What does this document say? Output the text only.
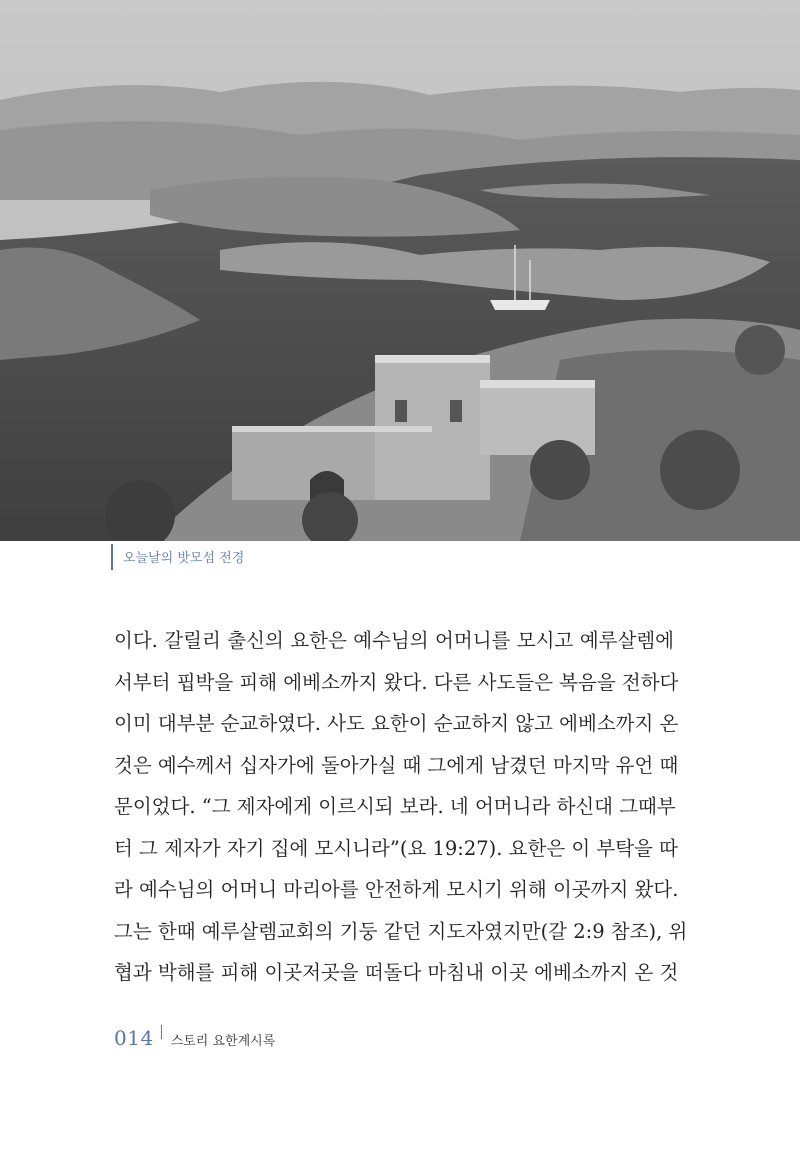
오늘날의 밧모섬 전경

이다. 갈릴리 출신의 요한은 예수님의 어머니를 모시고 예루살렘에
서부터 핍박을 피해 에베소까지 왔다. 다른 사도들은 복음을 전하다
이미 대부분 순교하였다. 사도 요한이 순교하지 않고 에베소까지 온
것은 예수께서 십자가에 돌아가실 때 그에게 남겼던 마지막 유언 때
문이었다. “그 제자에게 이르시되 보라. 네 어머니라 하신대 그때부
터 그 제자가 자기 집에 모시니라”(요 19:27). 요한은 이 부탁을 따
라 예수님의 어머니 마리아를 안전하게 모시기 위해 이곳까지 왔다.
그는 한때 예루살렘교회의 기둥 같던 지도자였지만(갈 2:9 참조), 위
협과 박해를 피해 이곳저곳을 떠돌다 마침내 이곳 에베소까지 온 것

014 스토리 요한계시록
